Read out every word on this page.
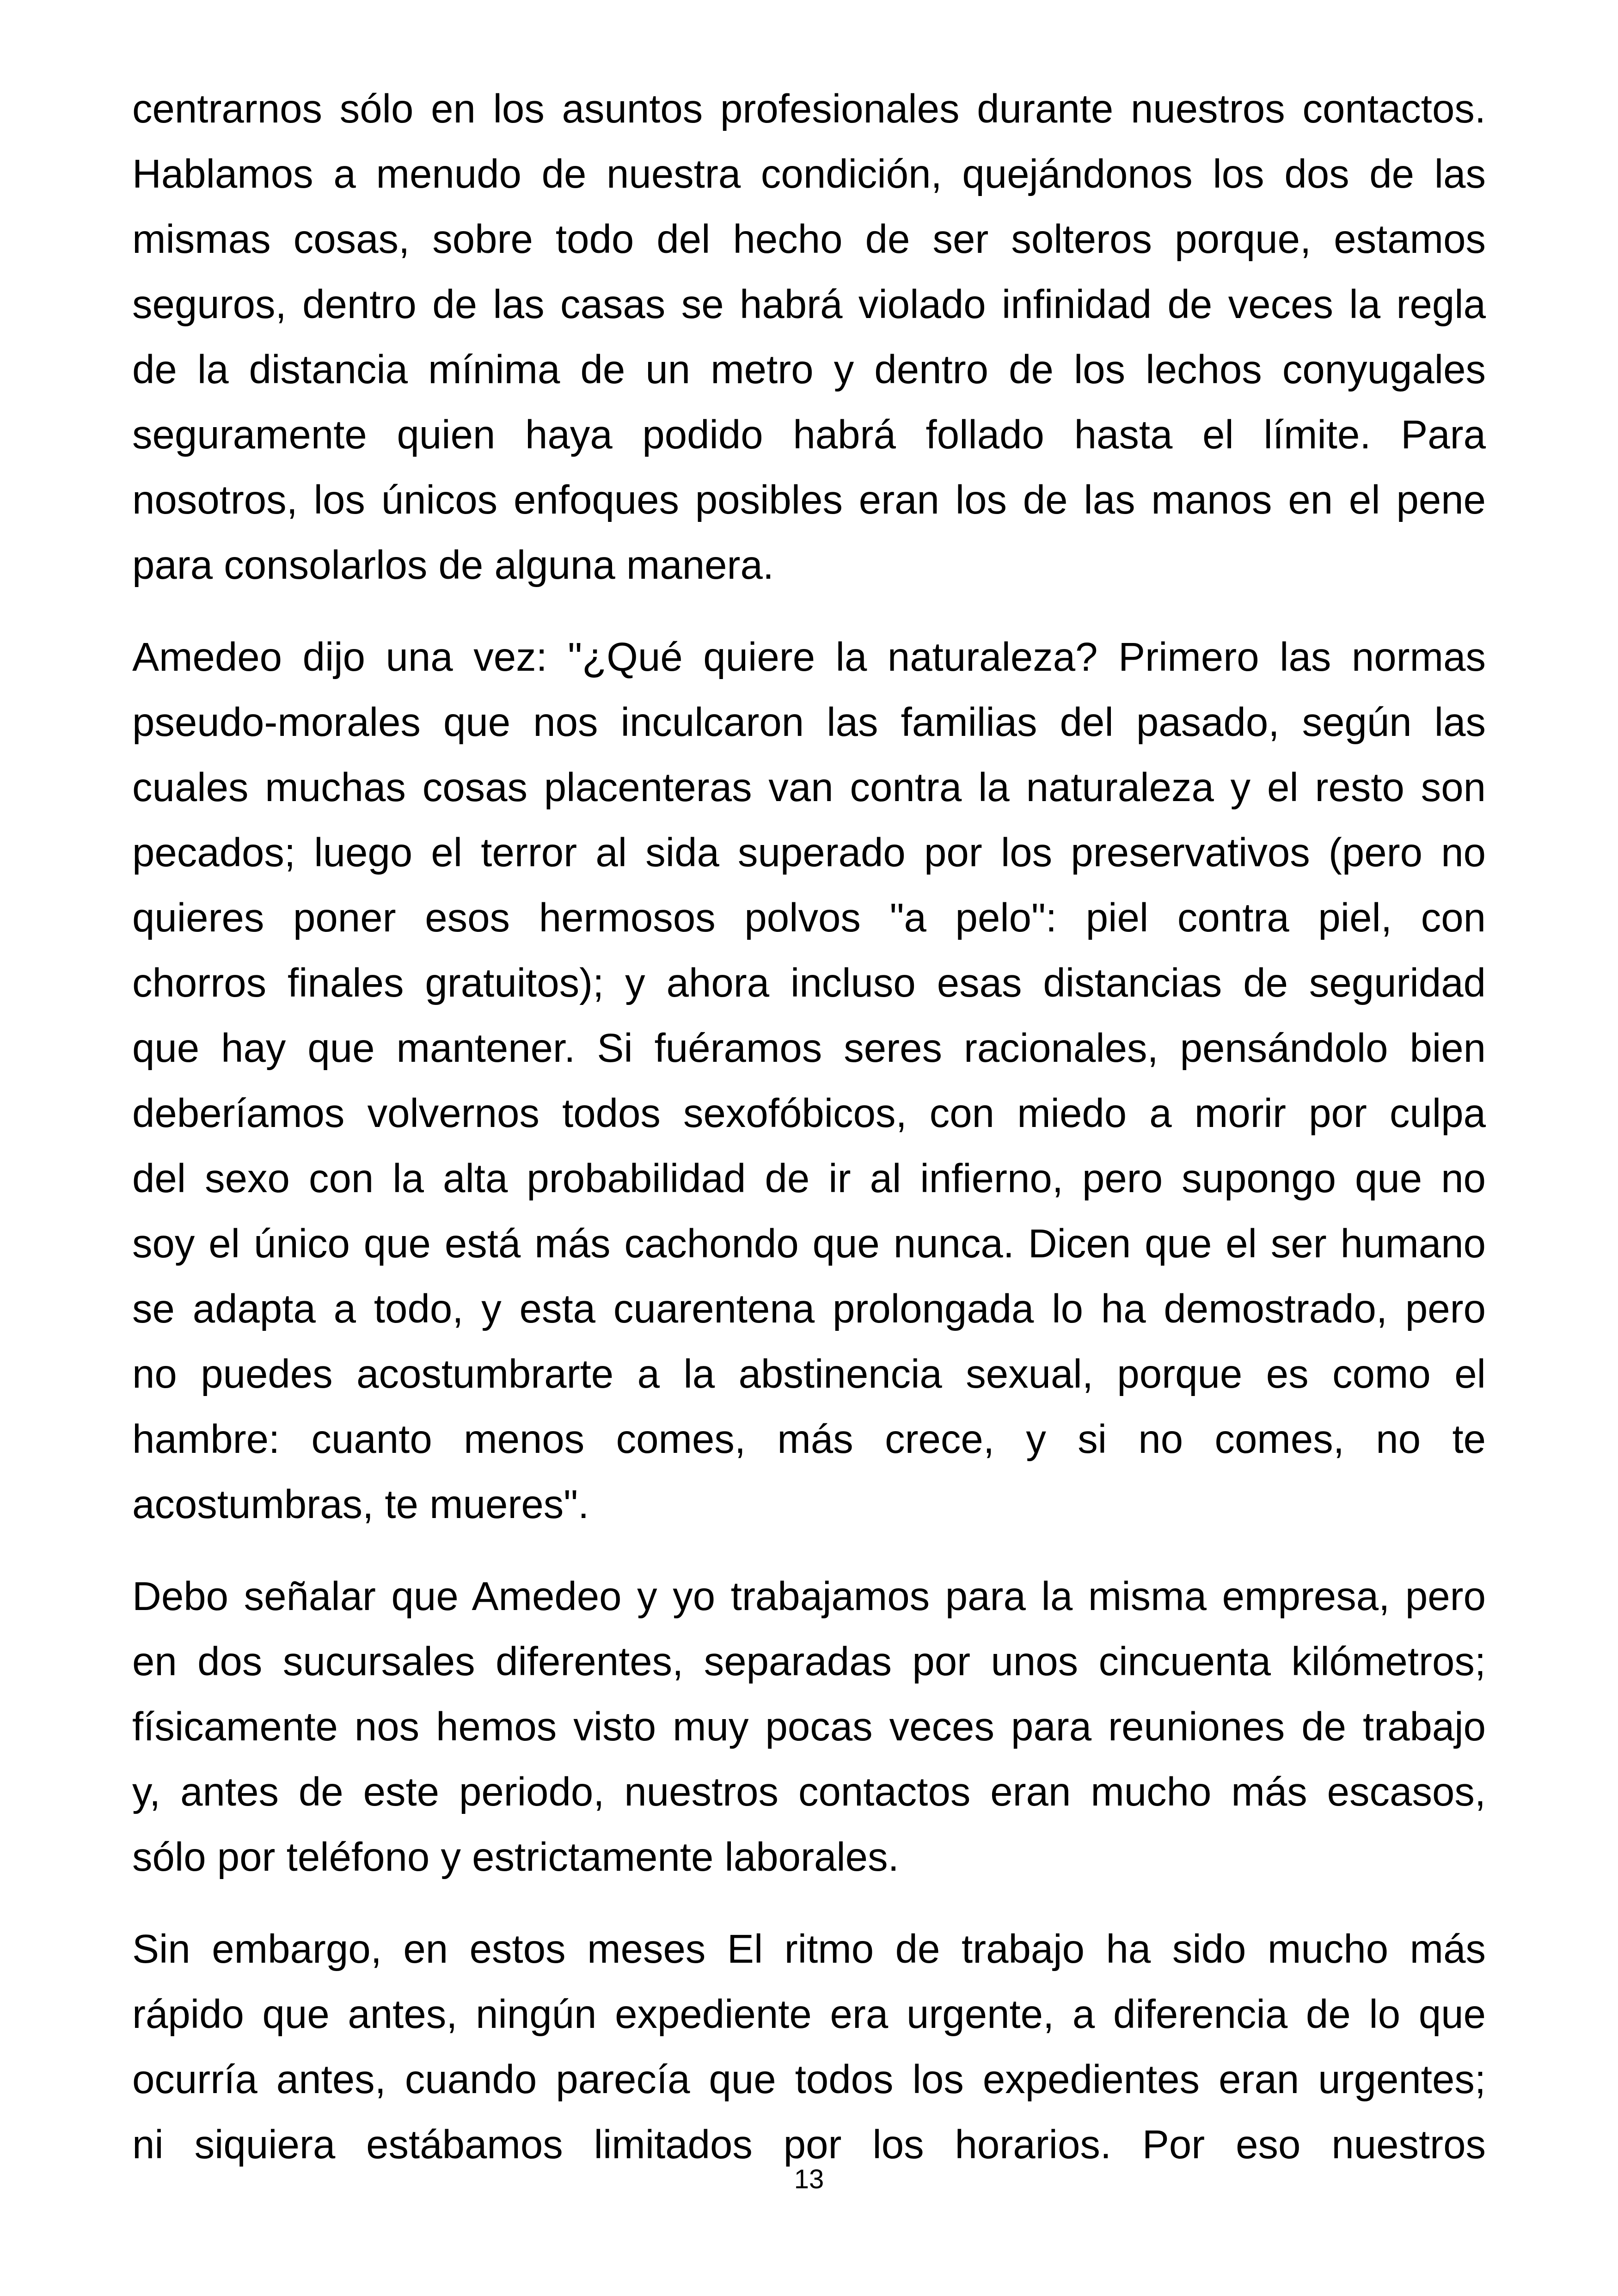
centrarnos sólo en los asuntos profesionales durante nuestros contactos.
Hablamos a menudo de nuestra condición, quejándonos los dos de las
mismas cosas, sobre todo del hecho de ser solteros porque, estamos
seguros, dentro de las casas se habrá violado infinidad de veces la regla
de la distancia mínima de un metro y dentro de los lechos conyugales
seguramente quien haya podido habrá follado hasta el límite. Para
nosotros, los únicos enfoques posibles eran los de las manos en el pene
para consolarlos de alguna manera.
Amedeo dijo una vez: "¿Qué quiere la naturaleza? Primero las normas
pseudo-morales que nos inculcaron las familias del pasado, según las
cuales muchas cosas placenteras van contra la naturaleza y el resto son
pecados; luego el terror al sida superado por los preservativos (pero no
quieres poner esos hermosos polvos "a pelo": piel contra piel, con
chorros finales gratuitos); y ahora incluso esas distancias de seguridad
que hay que mantener. Si fuéramos seres racionales, pensándolo bien
deberíamos volvernos todos sexofóbicos, con miedo a morir por culpa
del sexo con la alta probabilidad de ir al infierno, pero supongo que no
soy el único que está más cachondo que nunca. Dicen que el ser humano
se adapta a todo, y esta cuarentena prolongada lo ha demostrado, pero
no puedes acostumbrarte a la abstinencia sexual, porque es como el
hambre: cuanto menos comes, más crece, y si no comes, no te
acostumbras, te mueres".
Debo señalar que Amedeo y yo trabajamos para la misma empresa, pero
en dos sucursales diferentes, separadas por unos cincuenta kilómetros;
físicamente nos hemos visto muy pocas veces para reuniones de trabajo
y, antes de este periodo, nuestros contactos eran mucho más escasos,
sólo por teléfono y estrictamente laborales.
Sin embargo, en estos meses El ritmo de trabajo ha sido mucho más
rápido que antes, ningún expediente era urgente, a diferencia de lo que
ocurría antes, cuando parecía que todos los expedientes eran urgentes;
ni siquiera estábamos limitados por los horarios. Por eso nuestros
13
